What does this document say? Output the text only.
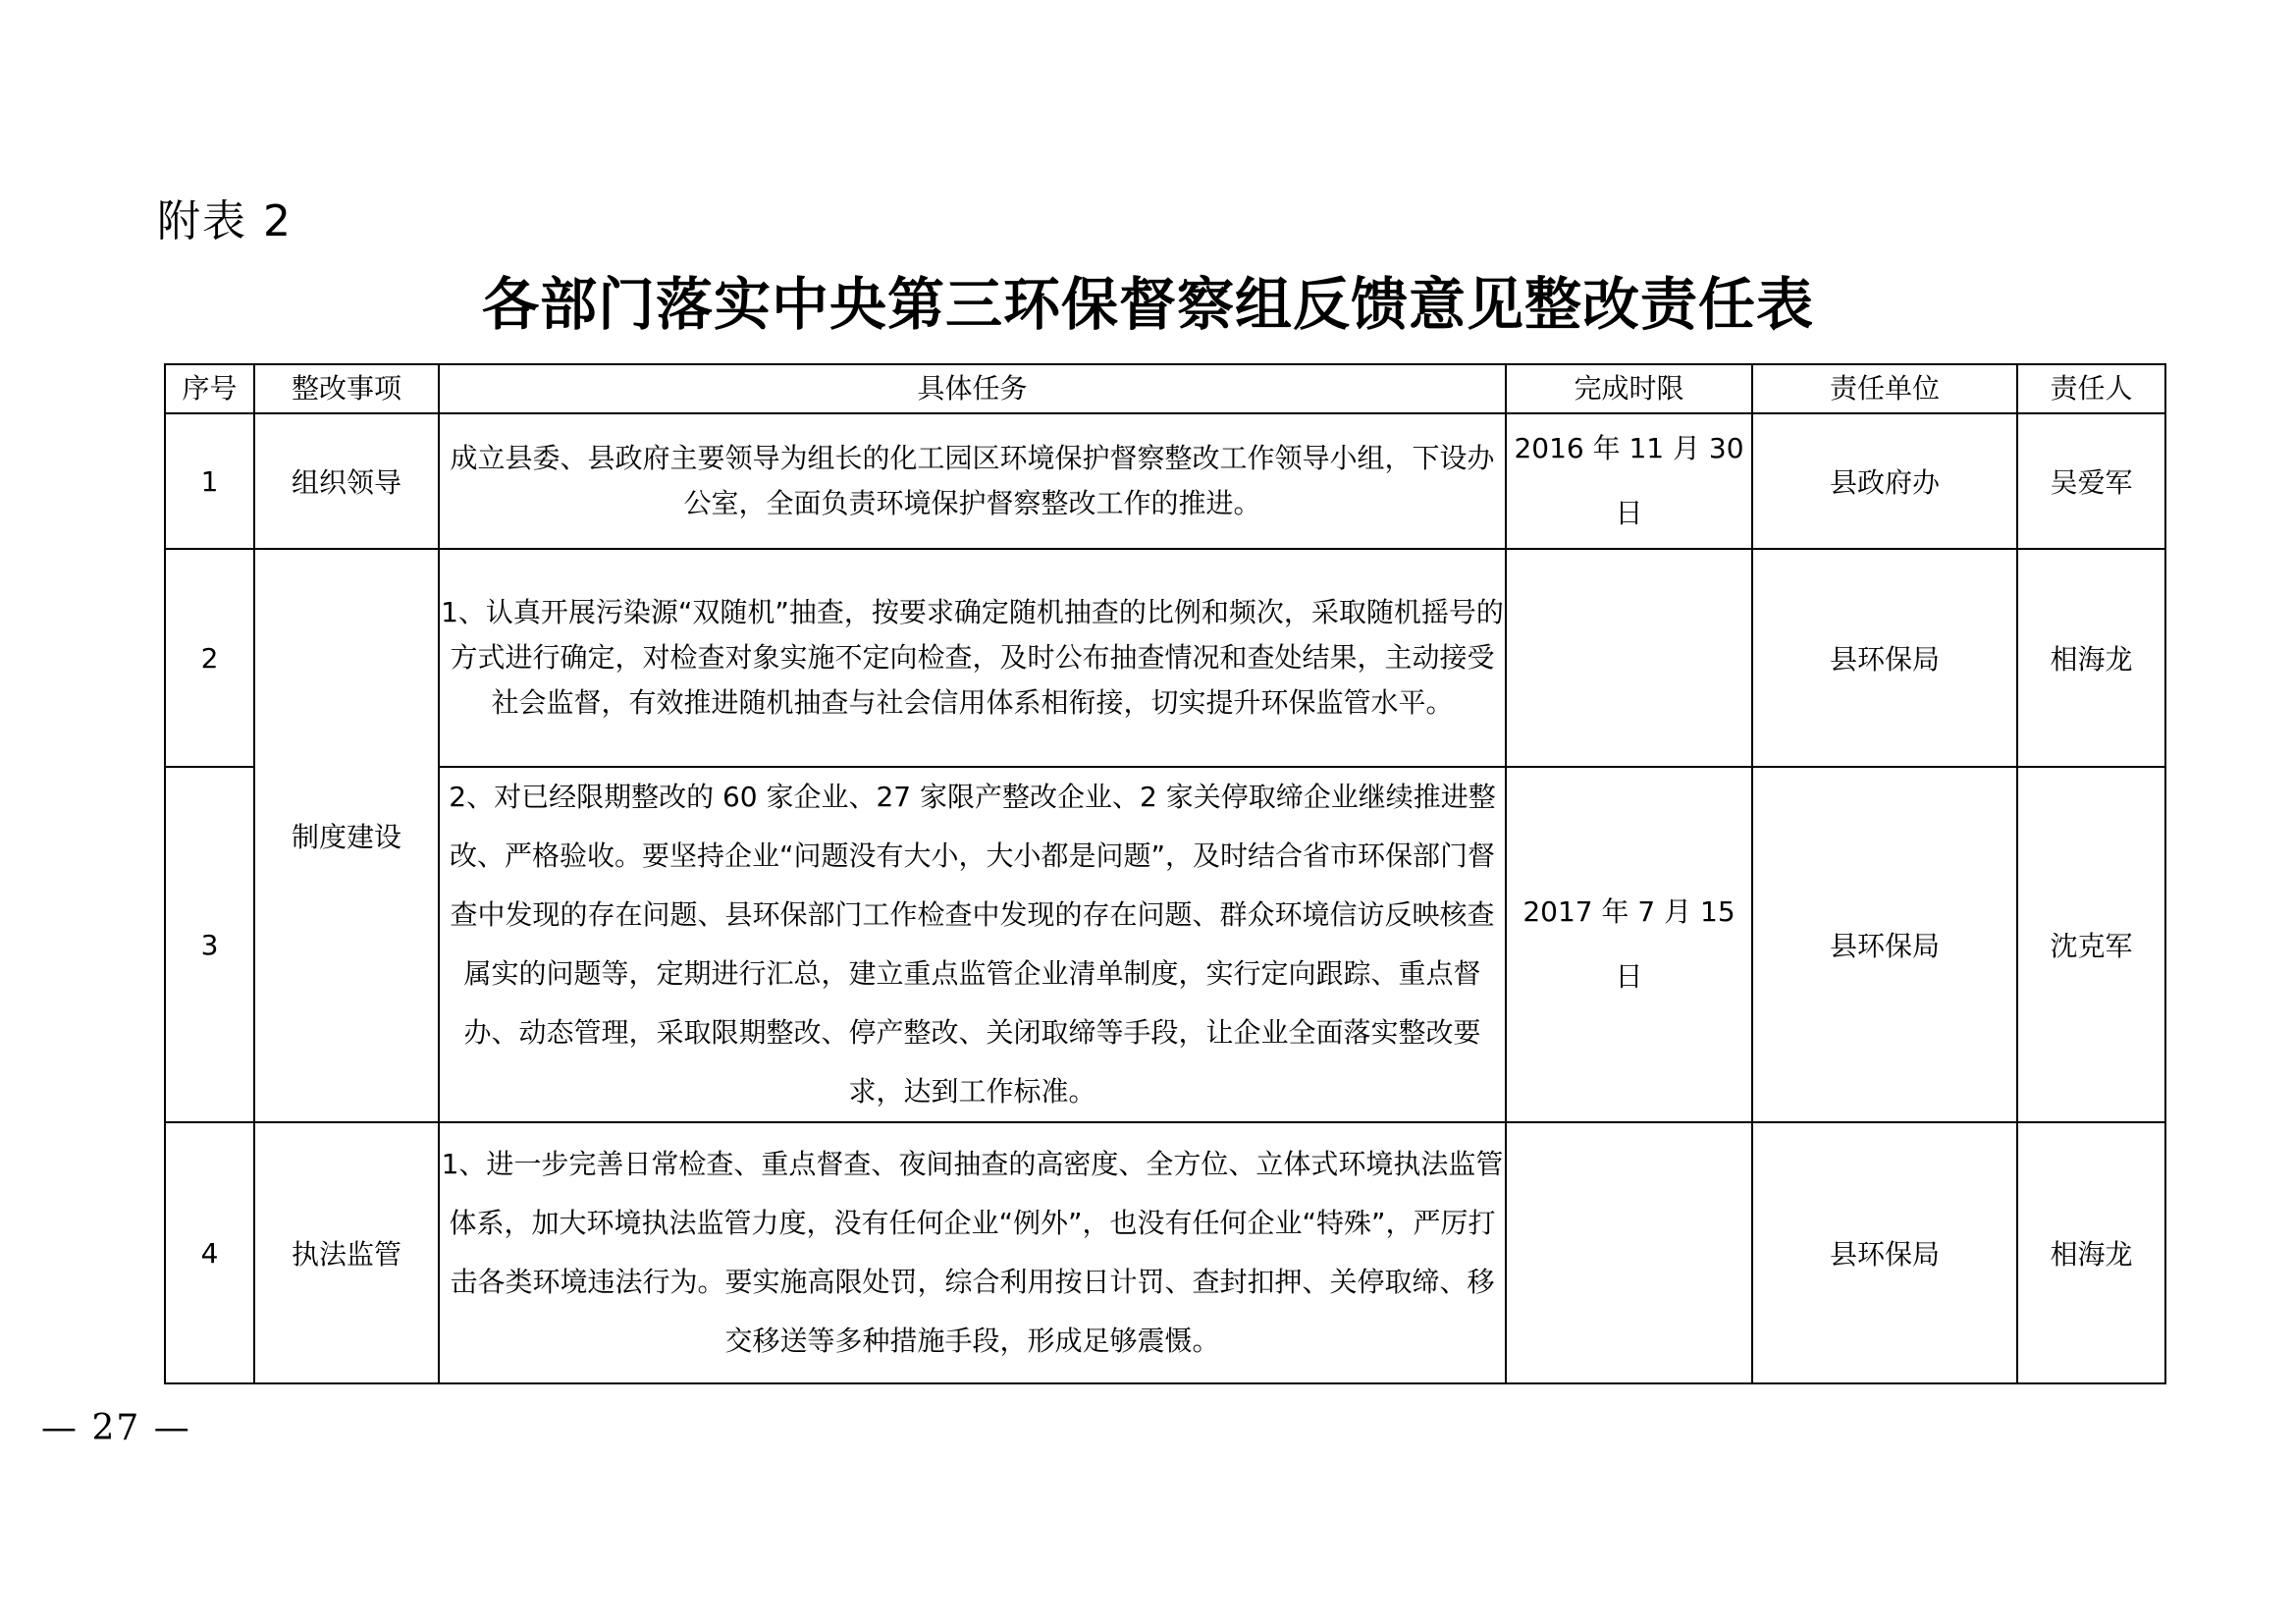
附表 2
各部门落实中央第三环保督察组反馈意见整改责任表
序号	整改事项	具体任务	完成时限	责任单位	责任人
1	组织领导	成立县委、县政府主要领导为组长的化工园区环境保护督察整改工作领导小组，下设办公室，全面负责环境保护督察整改工作的推进。	2016 年 11 月 30 日	县政府办	吴爱军
2	制度建设	1、认真开展污染源“双随机”抽查，按要求确定随机抽查的比例和频次，采取随机摇号的方式进行确定，对检查对象实施不定向检查，及时公布抽查情况和查处结果，主动接受社会监督，有效推进随机抽查与社会信用体系相衔接，切实提升环保监管水平。		县环保局	相海龙
3		2、对已经限期整改的 60 家企业、27 家限产整改企业、2 家关停取缔企业继续推进整改、严格验收。要坚持企业“问题没有大小，大小都是问题”，及时结合省市环保部门督查中发现的存在问题、县环保部门工作检查中发现的存在问题、群众环境信访反映核查属实的问题等，定期进行汇总，建立重点监管企业清单制度，实行定向跟踪、重点督办、动态管理，采取限期整改、停产整改、关闭取缔等手段，让企业全面落实整改要求，达到工作标准。	2017 年 7 月 15 日	县环保局	沈克军
4	执法监管	1、进一步完善日常检查、重点督查、夜间抽查的高密度、全方位、立体式环境执法监管体系，加大环境执法监管力度，没有任何企业“例外”，也没有任何企业“特殊”，严厉打击各类环境违法行为。要实施高限处罚，综合利用按日计罚、查封扣押、关停取缔、移交移送等多种措施手段，形成足够震慑。		县环保局	相海龙
— 27 —
